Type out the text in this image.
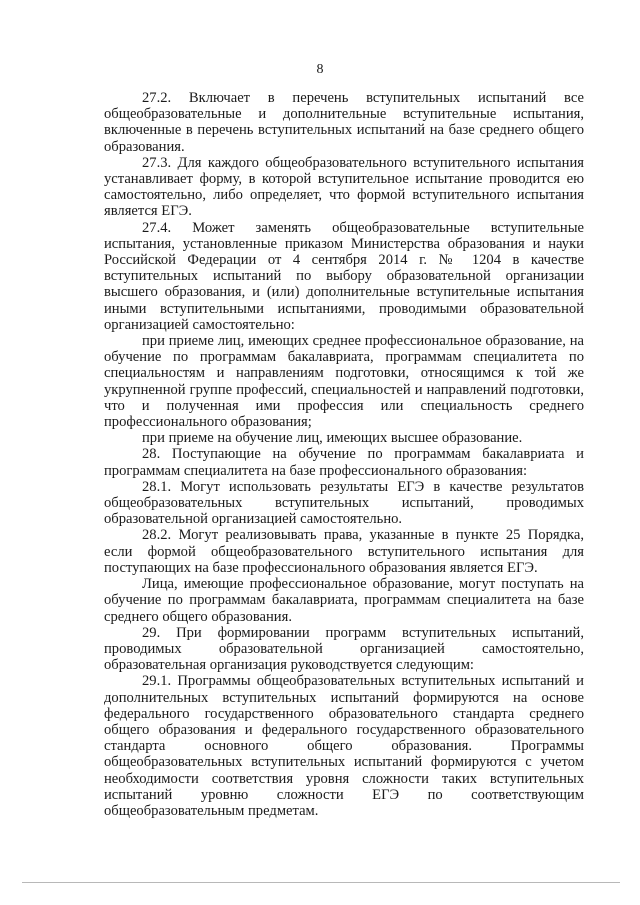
8

27.2. Включает в перечень вступительных испытаний все общеобразовательные и дополнительные вступительные испытания, включенные в перечень вступительных испытаний на базе среднего общего образования.

27.3. Для каждого общеобразовательного вступительного испытания устанавливает форму, в которой вступительное испытание проводится ею самостоятельно, либо определяет, что формой вступительного испытания является ЕГЭ.

27.4. Может заменять общеобразовательные вступительные испытания, установленные приказом Министерства образования и науки Российской Федерации от 4 сентября 2014 г. № 1204 в качестве вступительных испытаний по выбору образовательной организации высшего образования, и (или) дополнительные вступительные испытания иными вступительными испытаниями, проводимыми образовательной организацией самостоятельно:

при приеме лиц, имеющих среднее профессиональное образование, на обучение по программам бакалавриата, программам специалитета по специальностям и направлениям подготовки, относящимся к той же укрупненной группе профессий, специальностей и направлений подготовки, что и полученная ими профессия или специальность среднего профессионального образования;

при приеме на обучение лиц, имеющих высшее образование.

28. Поступающие на обучение по программам бакалавриата и программам специалитета на базе профессионального образования:

28.1. Могут использовать результаты ЕГЭ в качестве результатов общеобразовательных вступительных испытаний, проводимых образовательной организацией самостоятельно.

28.2. Могут реализовывать права, указанные в пункте 25 Порядка, если формой общеобразовательного вступительного испытания для поступающих на базе профессионального образования является ЕГЭ.

Лица, имеющие профессиональное образование, могут поступать на обучение по программам бакалавриата, программам специалитета на базе среднего общего образования.

29. При формировании программ вступительных испытаний, проводимых образовательной организацией самостоятельно, образовательная организация руководствуется следующим:

29.1. Программы общеобразовательных вступительных испытаний и дополнительных вступительных испытаний формируются на основе федерального государственного образовательного стандарта среднего общего образования и федерального государственного образовательного стандарта основного общего образования. Программы общеобразовательных вступительных испытаний формируются с учетом необходимости соответствия уровня сложности таких вступительных испытаний уровню сложности ЕГЭ по соответствующим общеобразовательным предметам.
